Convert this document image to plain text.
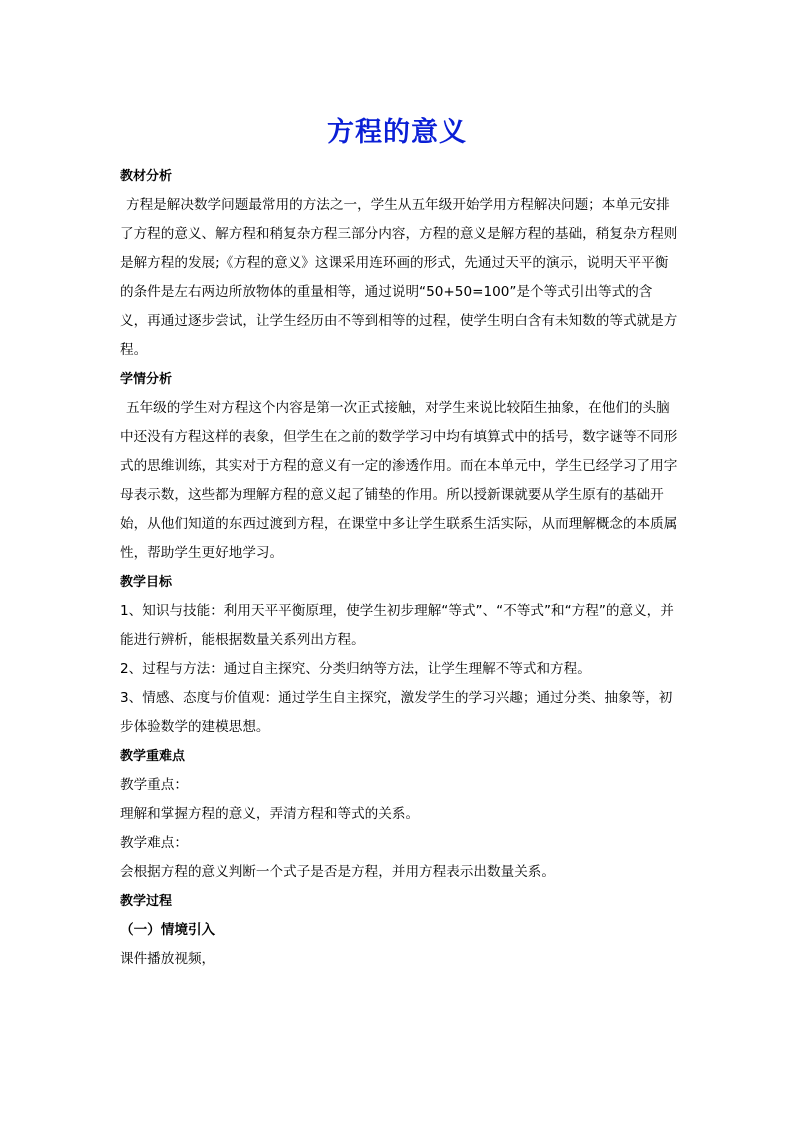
方程的意义

教材分析

方程是解决数学问题最常用的方法之一，学生从五年级开始学用方程解决问题；本单元安排了方程的意义、解方程和稍复杂方程三部分内容，方程的意义是解方程的基础，稍复杂方程则是解方程的发展;《方程的意义》这课采用连环画的形式，先通过天平的演示，说明天平平衡的条件是左右两边所放物体的重量相等，通过说明“50+50=100”是个等式引出等式的含义，再通过逐步尝试，让学生经历由不等到相等的过程，使学生明白含有未知数的等式就是方程。

学情分析

五年级的学生对方程这个内容是第一次正式接触，对学生来说比较陌生抽象，在他们的头脑中还没有方程这样的表象，但学生在之前的数学学习中均有填算式中的括号，数字谜等不同形式的思维训练，其实对于方程的意义有一定的渗透作用。而在本单元中，学生已经学习了用字母表示数，这些都为理解方程的意义起了铺垫的作用。所以授新课就要从学生原有的基础开始，从他们知道的东西过渡到方程，在课堂中多让学生联系生活实际，从而理解概念的本质属性，帮助学生更好地学习。

教学目标

1、知识与技能：利用天平平衡原理，使学生初步理解“等式”、“不等式”和“方程”的意义，并能进行辨析，能根据数量关系列出方程。

2、过程与方法：通过自主探究、分类归纳等方法，让学生理解不等式和方程。

3、情感、态度与价值观：通过学生自主探究，激发学生的学习兴趣；通过分类、抽象等，初步体验数学的建模思想。

教学重难点

教学重点：

理解和掌握方程的意义，弄清方程和等式的关系。

教学难点：

会根据方程的意义判断一个式子是否是方程，并用方程表示出数量关系。

教学过程

（一）情境引入

课件播放视频，
